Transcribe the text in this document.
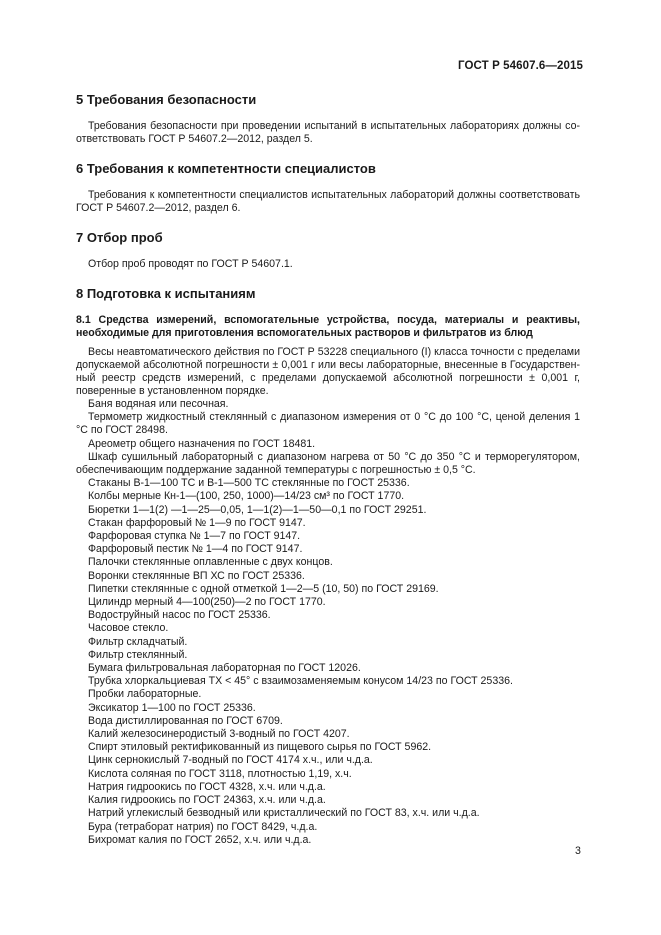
ГОСТ Р 54607.6—2015
5 Требования безопасности

Требования безопасности при проведении испытаний в испытательных лабораториях должны соответствовать ГОСТ Р 54607.2—2012, раздел 5.

6 Требования к компетентности специалистов

Требования к компетентности специалистов испытательных лабораторий должны соответствовать ГОСТ Р 54607.2—2012, раздел 6.

7 Отбор проб

Отбор проб проводят по ГОСТ Р 54607.1.

8 Подготовка к испытаниям

8.1 Средства измерений, вспомогательные устройства, посуда, материалы и реактивы, необходимые для приготовления вспомогательных растворов и фильтратов из блюд

Весы неавтоматического действия по ГОСТ Р 53228 специального (I) класса точности с пределами допускаемой абсолютной погрешности ± 0,001 г или весы лабораторные, внесенные в Государственный реестр средств измерений, с пределами допускаемой абсолютной погрешности ± 0,001 г, поверенные в установленном порядке.

Баня водяная или песочная.

Термометр жидкостный стеклянный с диапазоном измерения от 0 °С до 100 °С, ценой деления 1 °С по ГОСТ 28498.

Ареометр общего назначения по ГОСТ 18481.

Шкаф сушильный лабораторный с диапазоном нагрева от 50 °С до 350 °С и терморегулятором, обеспечивающим поддержание заданной температуры с погрешностью ± 0,5 °С.

Стаканы В-1—100 ТС и В-1—500 ТС стеклянные по ГОСТ 25336.

Колбы мерные Кн-1—(100, 250, 1000)—14/23 см³ по ГОСТ 1770.

Бюретки 1—1(2) —1—25—0,05, 1—1(2)—1—50—0,1 по ГОСТ 29251.

Стакан фарфоровый № 1—9 по ГОСТ 9147.

Фарфоровая ступка № 1—7 по ГОСТ 9147.

Фарфоровый пестик № 1—4 по ГОСТ 9147.

Палочки стеклянные оплавленные с двух концов.

Воронки стеклянные ВП ХС по ГОСТ 25336.

Пипетки стеклянные с одной отметкой 1—2—5 (10, 50) по ГОСТ 29169.

Цилиндр мерный 4—100(250)—2 по ГОСТ 1770.

Водоструйный насос по ГОСТ 25336.

Часовое стекло.

Фильтр складчатый.

Фильтр стеклянный.

Бумага фильтровальная лабораторная по ГОСТ 12026.

Трубка хлоркальциевая ТХ < 45° с взаимозаменяемым конусом 14/23 по ГОСТ 25336.

Пробки лабораторные.

Эксикатор 1—100 по ГОСТ 25336.

Вода дистиллированная по ГОСТ 6709.

Калий железосинеродистый 3-водный по ГОСТ 4207.

Спирт этиловый ректификованный из пищевого сырья по ГОСТ 5962.

Цинк сернокислый 7-водный по ГОСТ 4174 х.ч., или ч.д.а.

Кислота соляная по ГОСТ 3118, плотностью 1,19, х.ч.

Натрия гидроокись по ГОСТ 4328, х.ч. или ч.д.а.

Калия гидроокись по ГОСТ 24363, х.ч. или ч.д.а.

Натрий углекислый безводный или кристаллический по ГОСТ 83, х.ч. или ч.д.а.

Бура (тетраборат натрия) по ГОСТ 8429, ч.д.а.

Бихромат калия по ГОСТ 2652, х.ч. или ч.д.а.

3
